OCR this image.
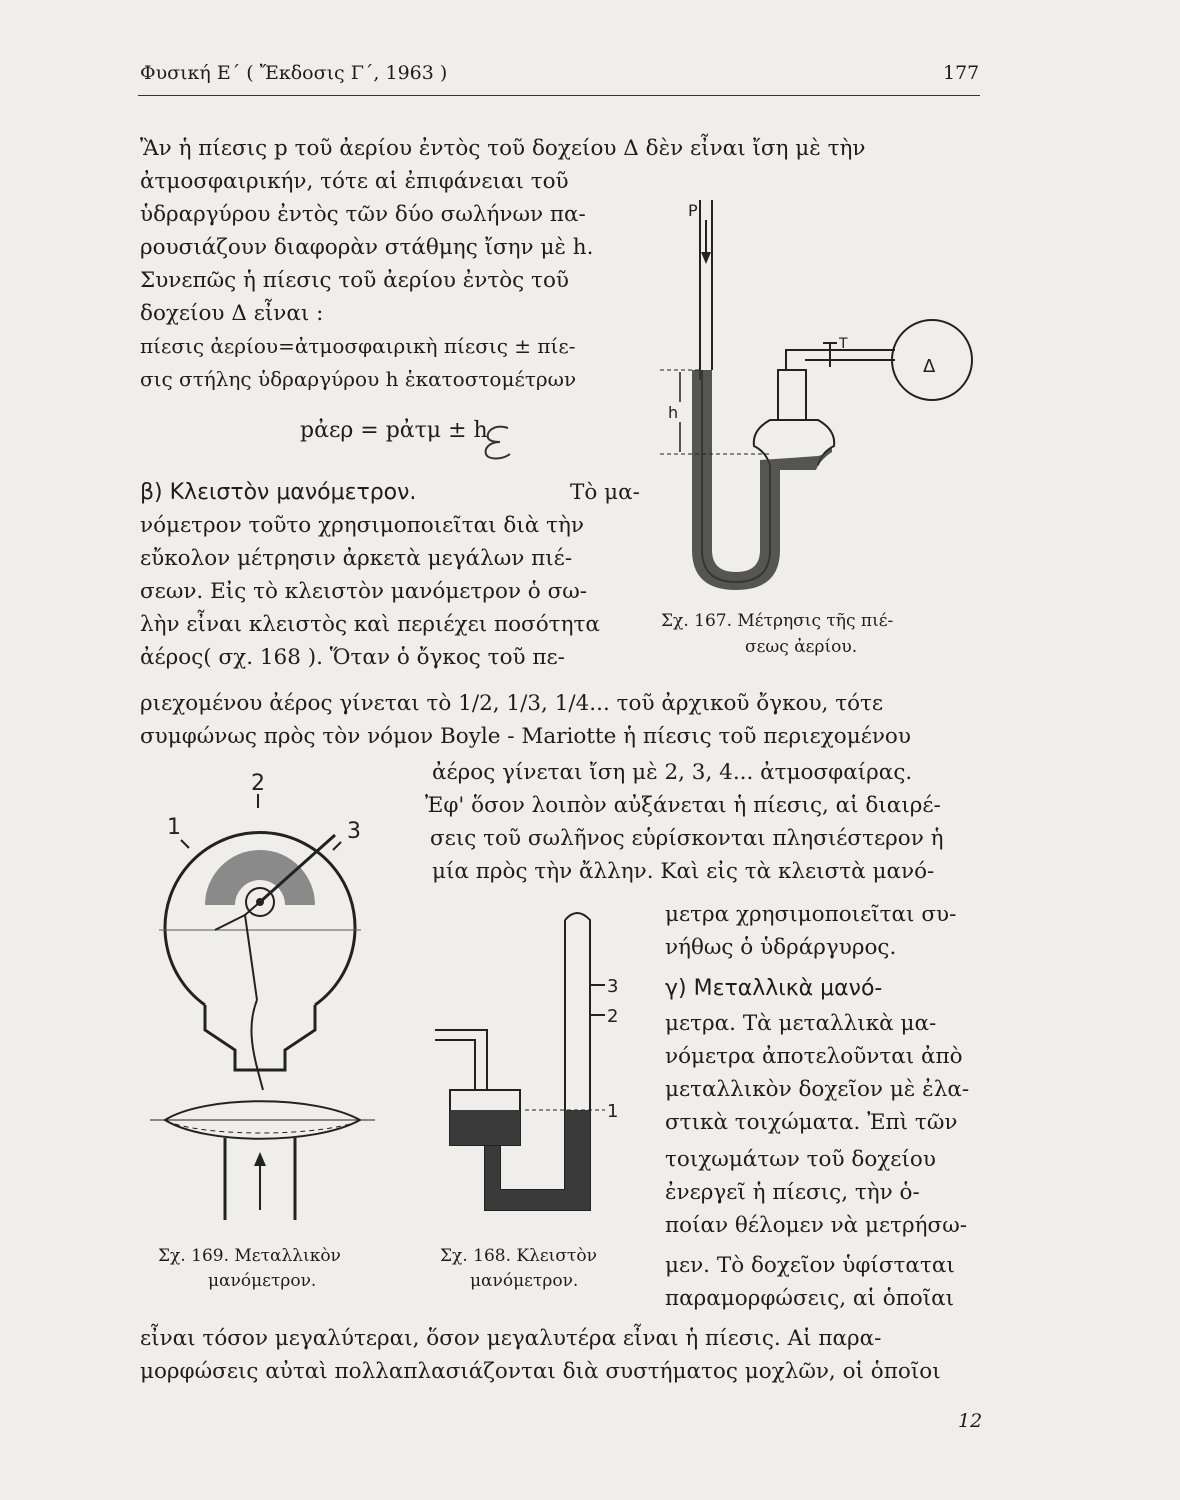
Φυσική Ε΄ ( Ἔκδοσις Γ΄, 1963 )	177
Ἂν ἡ πίεσις p τοῦ ἀερίου ἐντὸς τοῦ δοχείου Δ δὲν εἶναι ἴση μὲ τὴν
ἀτμοσφαιρικήν, τότε αἱ ἐπιφάνειαι τοῦ
ὑδραργύρου ἐντὸς τῶν δύο σωλήνων πα-
ρουσιάζουν διαφορὰν στάθμης ἴσην μὲ h.
Συνεπῶς ἡ πίεσις τοῦ ἀερίου ἐντὸς τοῦ
δοχείου Δ εἶναι :
πίεσις ἀερίου=ἀτμοσφαιρικὴ πίεσις ± πίε-
σις στήλης ὑδραργύρου h ἑκατοστομέτρων
pἀερ = pἀτμ ± h
β) Κλειστὸν μανόμετρον.	Τὸ μα-
νόμετρον τοῦτο χρησιμοποιεῖται διὰ τὴν
εὔκολον μέτρησιν ἀρκετὰ μεγάλων πιέ-
σεων. Εἰς τὸ κλειστὸν μανόμετρον ὁ σω-
λὴν εἶναι κλειστὸς καὶ περιέχει ποσότητα
ἀέρος( σχ. 168 ). Ὅταν ὁ ὄγκος τοῦ πε-
ριεχομένου ἀέρος γίνεται τὸ 1/2, 1/3, 1/4... τοῦ ἀρχικοῦ ὄγκου, τότε
συμφώνως πρὸς τὸν νόμον Boyle - Mariotte ἡ πίεσις τοῦ περιεχομένου
ἀέρος γίνεται ἴση μὲ 2, 3, 4... ἀτμοσφαίρας.
Ἐφ' ὅσον λοιπὸν αὐξάνεται ἡ πίεσις, αἱ διαιρέ-
σεις τοῦ σωλῆνος εὑρίσκονται πλησιέστερον ἡ
μία πρὸς τὴν ἄλλην. Καὶ εἰς τὰ κλειστὰ μανό-
μετρα χρησιμοποιεῖται συ-
νήθως ὁ ὑδράργυρος.
γ) Μεταλλικὰ μανό-
μετρα. Τὰ μεταλλικὰ μα-
νόμετρα ἀποτελοῦνται ἀπὸ
μεταλλικὸν δοχεῖον μὲ ἐλα-
στικὰ τοιχώματα. Ἐπὶ τῶν
τοιχωμάτων τοῦ δοχείου
ἐνεργεῖ ἡ πίεσις, τὴν ὁ-
ποίαν θέλομεν νὰ μετρήσω-
μεν. Τὸ δοχεῖον ὑφίσταται
παραμορφώσεις, αἱ ὁποῖαι
εἶναι τόσον μεγαλύτεραι, ὅσον μεγαλυτέρα εἶναι ἡ πίεσις. Αἱ παρα-
μορφώσεις αὐταὶ πολλαπλασιάζονται διὰ συστήματος μοχλῶν, οἱ ὁποῖοι
12
P
T
Δ
h
Σχ. 167. Μέτρησις τῆς πιέ-
σεως ἀερίου.
2
1	3
Σχ. 169. Μεταλλικὸν
μανόμετρον.
3
2
1
Σχ. 168. Κλειστὸν
μανόμετρον.
